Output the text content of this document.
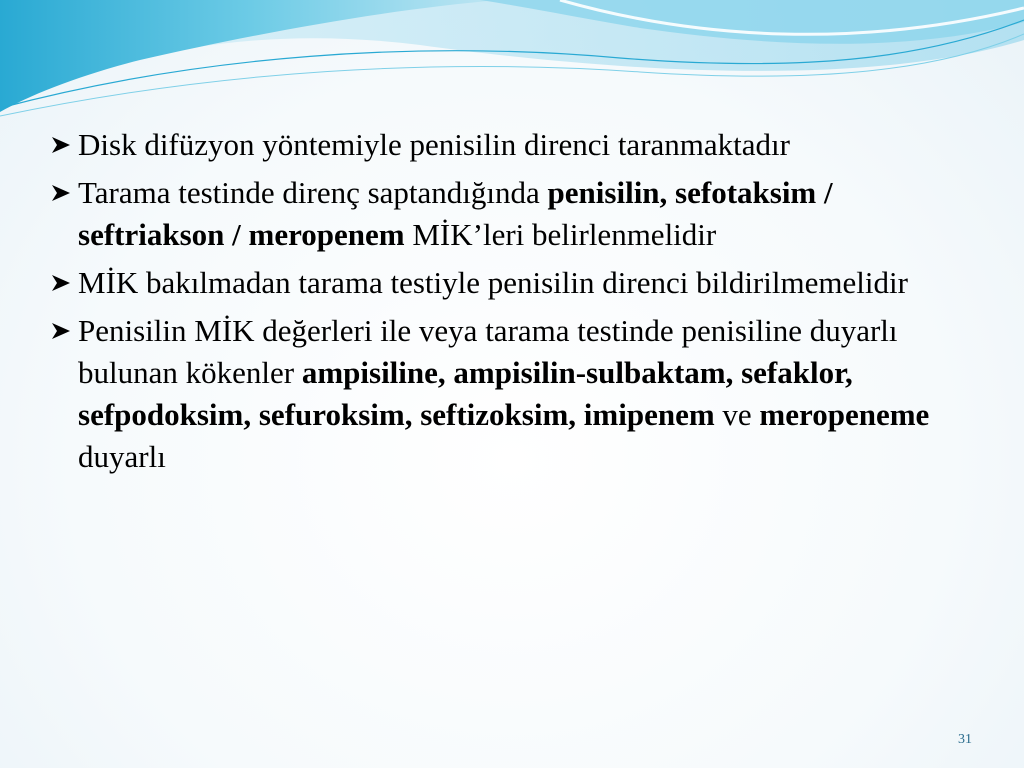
Disk difüzyon yöntemiyle penisilin direnci taranmaktadır
Tarama testinde direnç saptandığında penisilin, sefotaksim / seftriakson / meropenem MİK’leri belirlenmelidir
MİK bakılmadan tarama testiyle penisilin direnci bildirilmemelidir
Penisilin MİK değerleri ile veya tarama testinde penisiline duyarlı bulunan kökenler ampisiline, ampisilin-sulbaktam, sefaklor, sefpodoksim, sefuroksim, seftizoksim, imipenem ve meropeneme duyarlı
31
